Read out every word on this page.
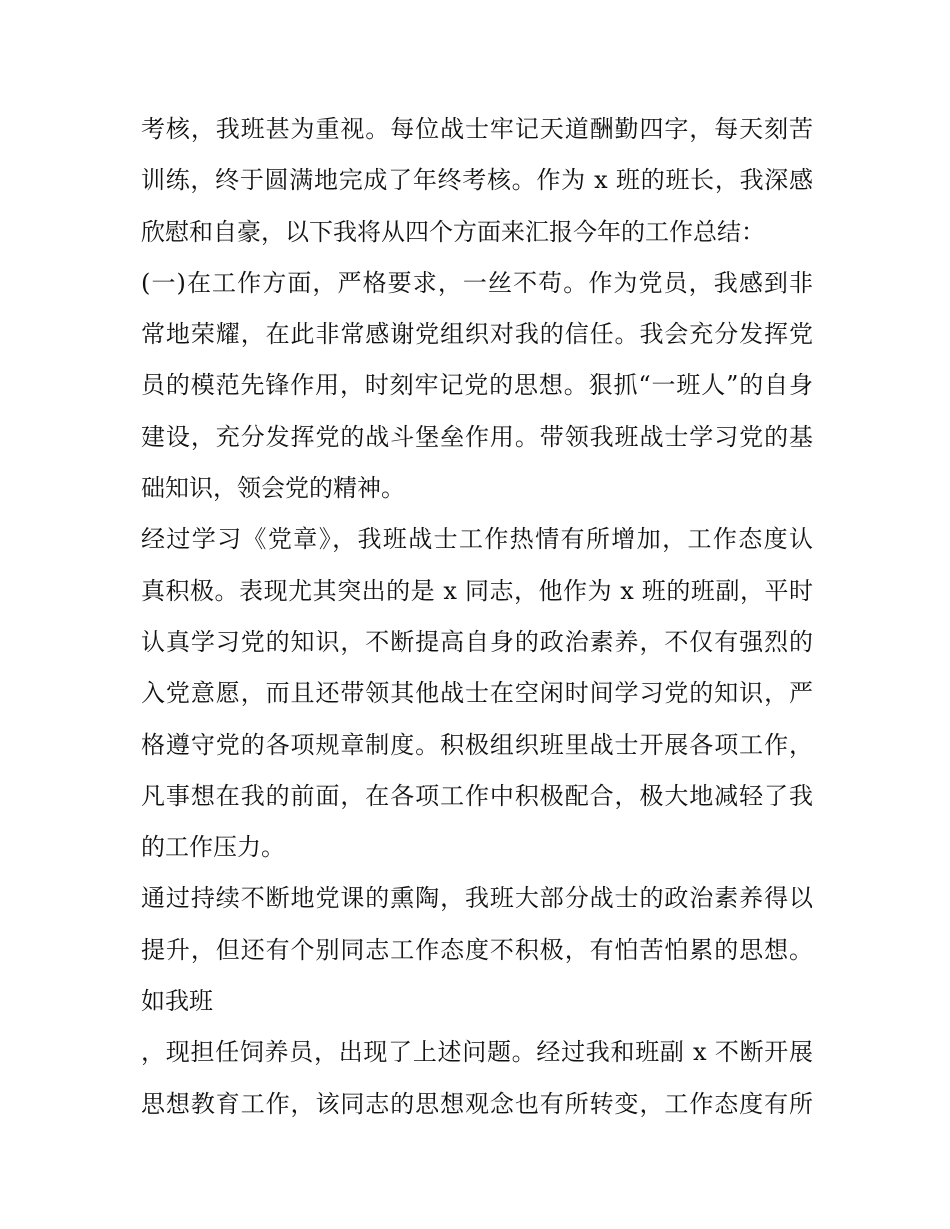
考核，我班甚为重视。每位战士牢记天道酬勤四字，每天刻苦
训练，终于圆满地完成了年终考核。作为 x 班的班长，我深感
欣慰和自豪，以下我将从四个方面来汇报今年的工作总结：
(一)在工作方面，严格要求，一丝不苟。作为党员，我感到非
常地荣耀，在此非常感谢党组织对我的信任。我会充分发挥党
员的模范先锋作用，时刻牢记党的思想。狠抓“一班人”的自身
建设，充分发挥党的战斗堡垒作用。带领我班战士学习党的基
础知识，领会党的精神。
经过学习《党章》，我班战士工作热情有所增加，工作态度认
真积极。表现尤其突出的是 x 同志，他作为 x 班的班副，平时
认真学习党的知识，不断提高自身的政治素养，不仅有强烈的
入党意愿，而且还带领其他战士在空闲时间学习党的知识，严
格遵守党的各项规章制度。积极组织班里战士开展各项工作，
凡事想在我的前面，在各项工作中积极配合，极大地减轻了我
的工作压力。
通过持续不断地党课的熏陶，我班大部分战士的政治素养得以
提升，但还有个别同志工作态度不积极，有怕苦怕累的思想。
如我班
，现担任饲养员，出现了上述问题。经过我和班副 x 不断开展
思想教育工作，该同志的思想观念也有所转变，工作态度有所
